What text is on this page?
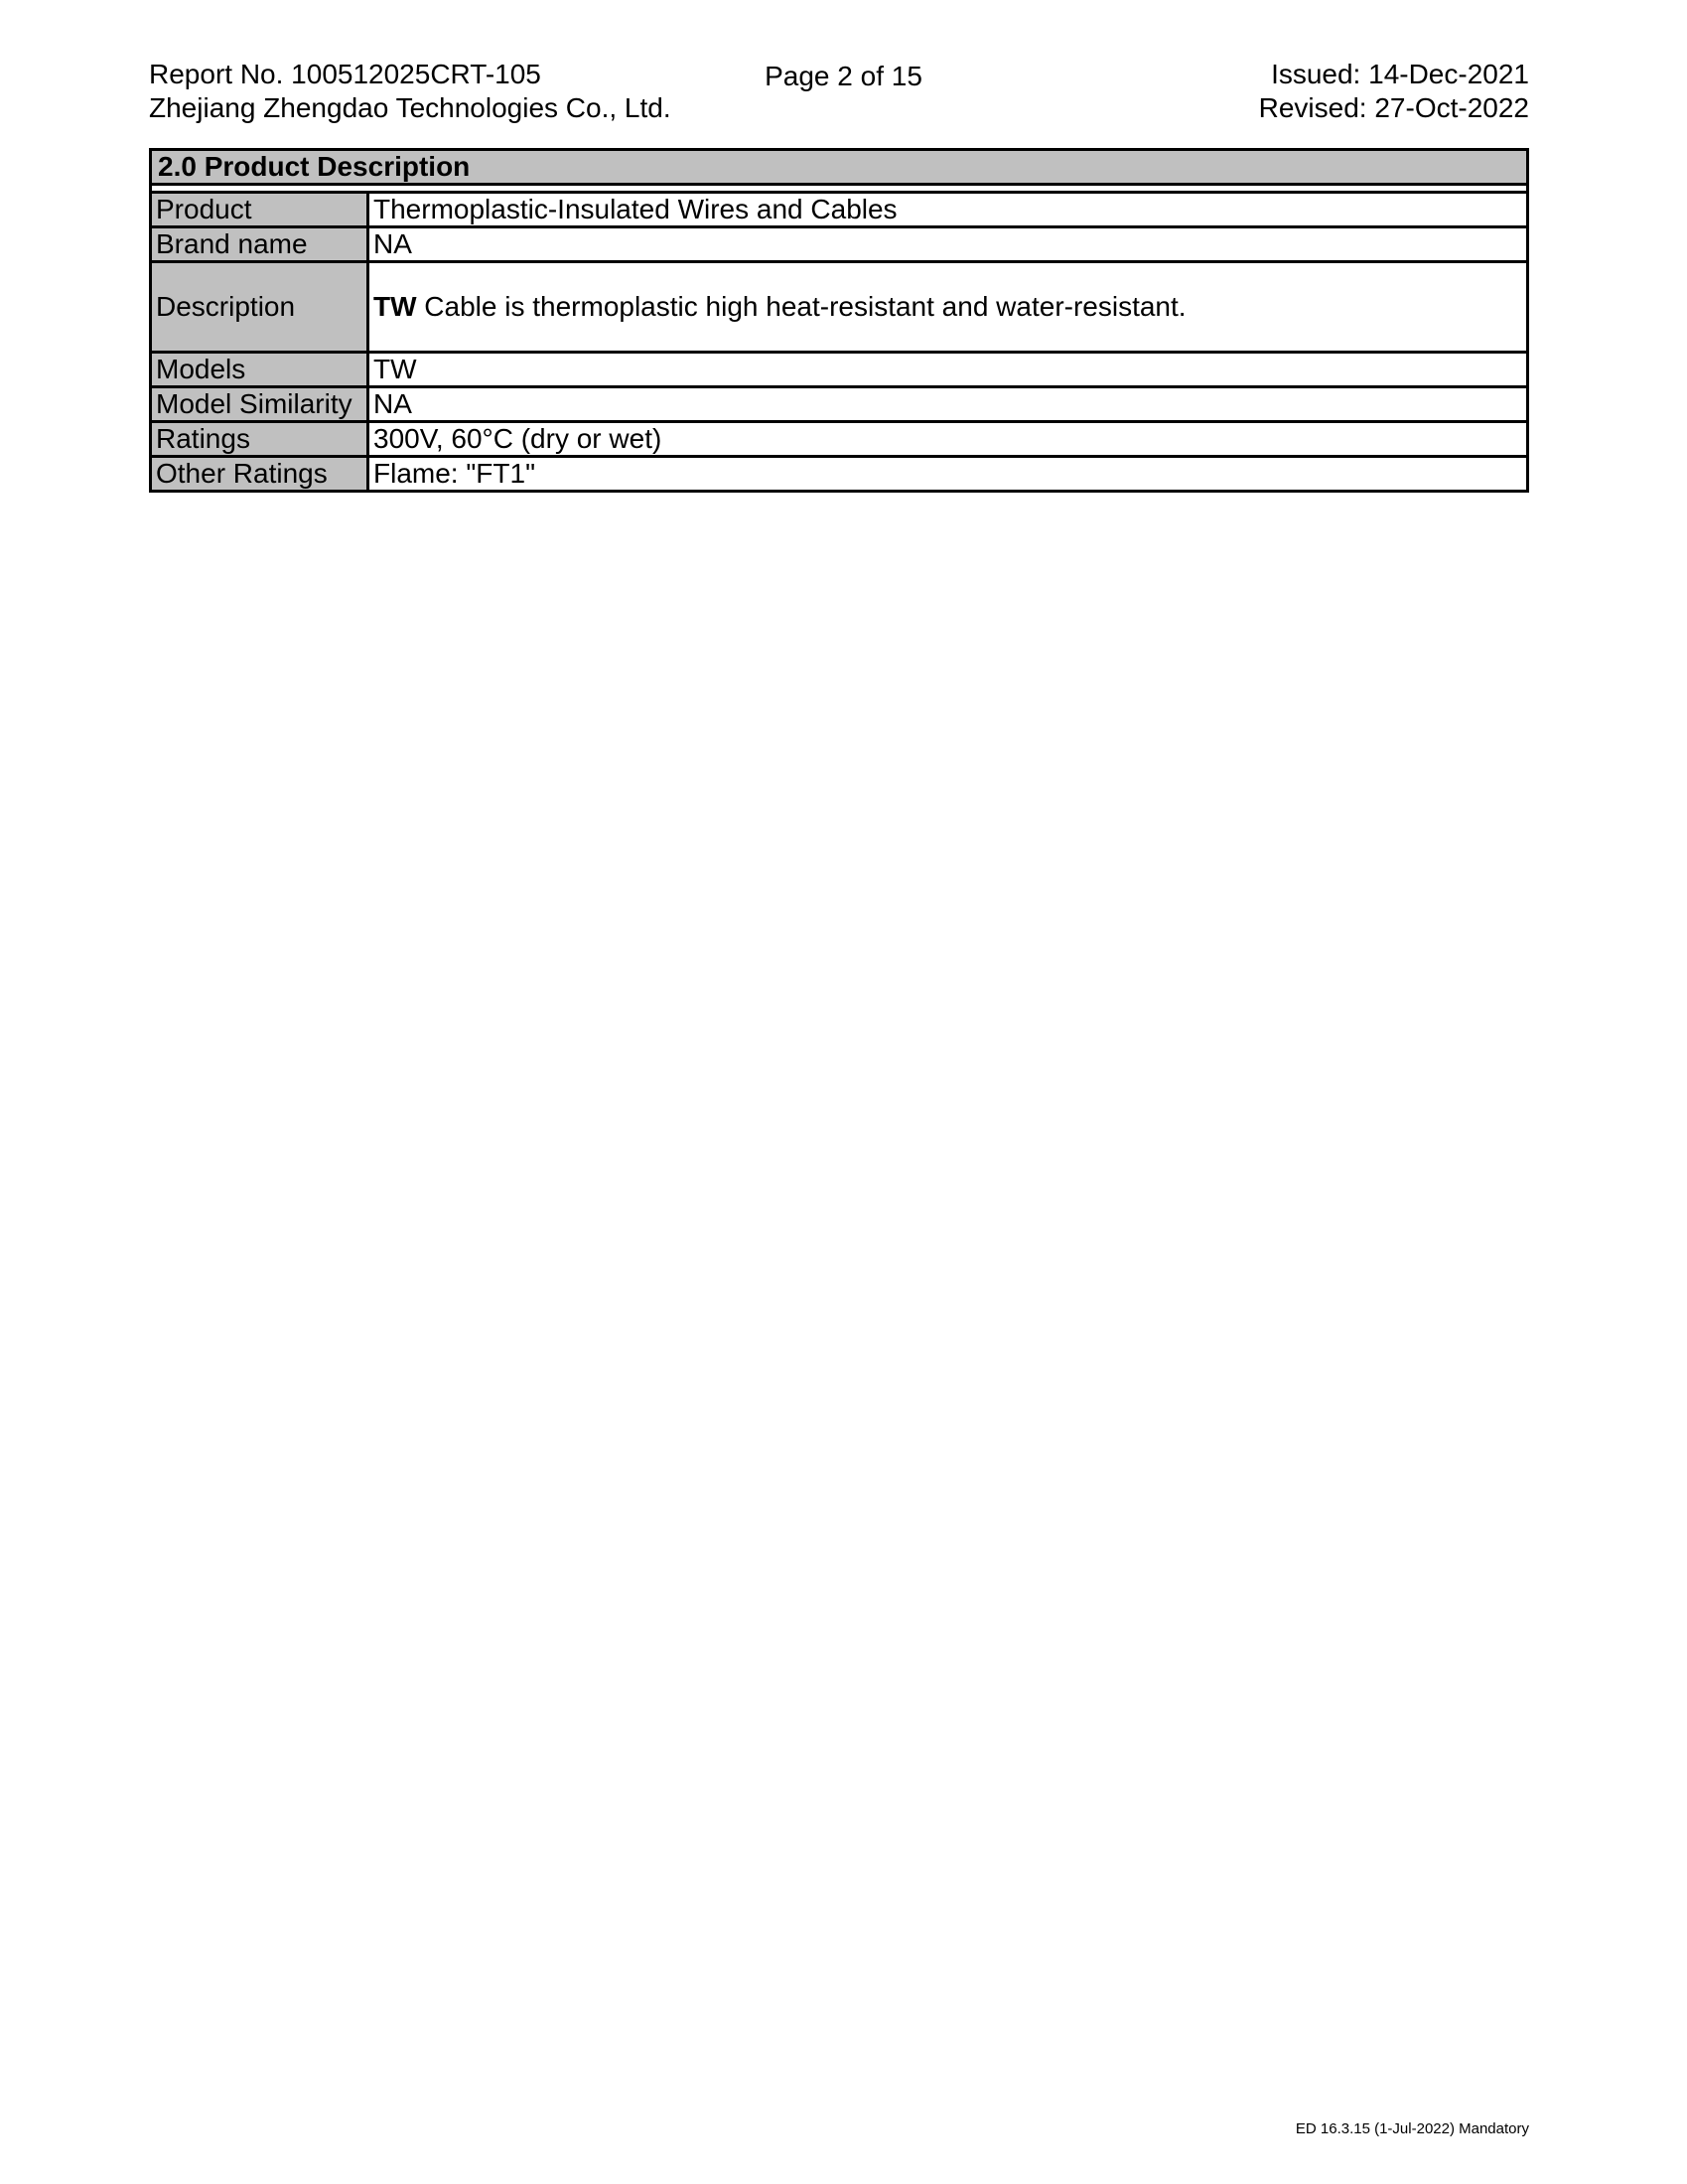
Report No. 100512025CRT-105
Zhejiang Zhengdao Technologies Co., Ltd.
Page 2 of 15	Issued: 14-Dec-2021
Revised: 27-Oct-2022
2.0 Product Description
Product	Thermoplastic-Insulated Wires and Cables
Brand name	NA
Description	TW Cable is thermoplastic high heat-resistant and water-resistant.
Models	TW
Model Similarity	NA
Ratings	300V, 60°C (dry or wet)
Other Ratings	Flame: "FT1"
ED 16.3.15 (1-Jul-2022) Mandatory
